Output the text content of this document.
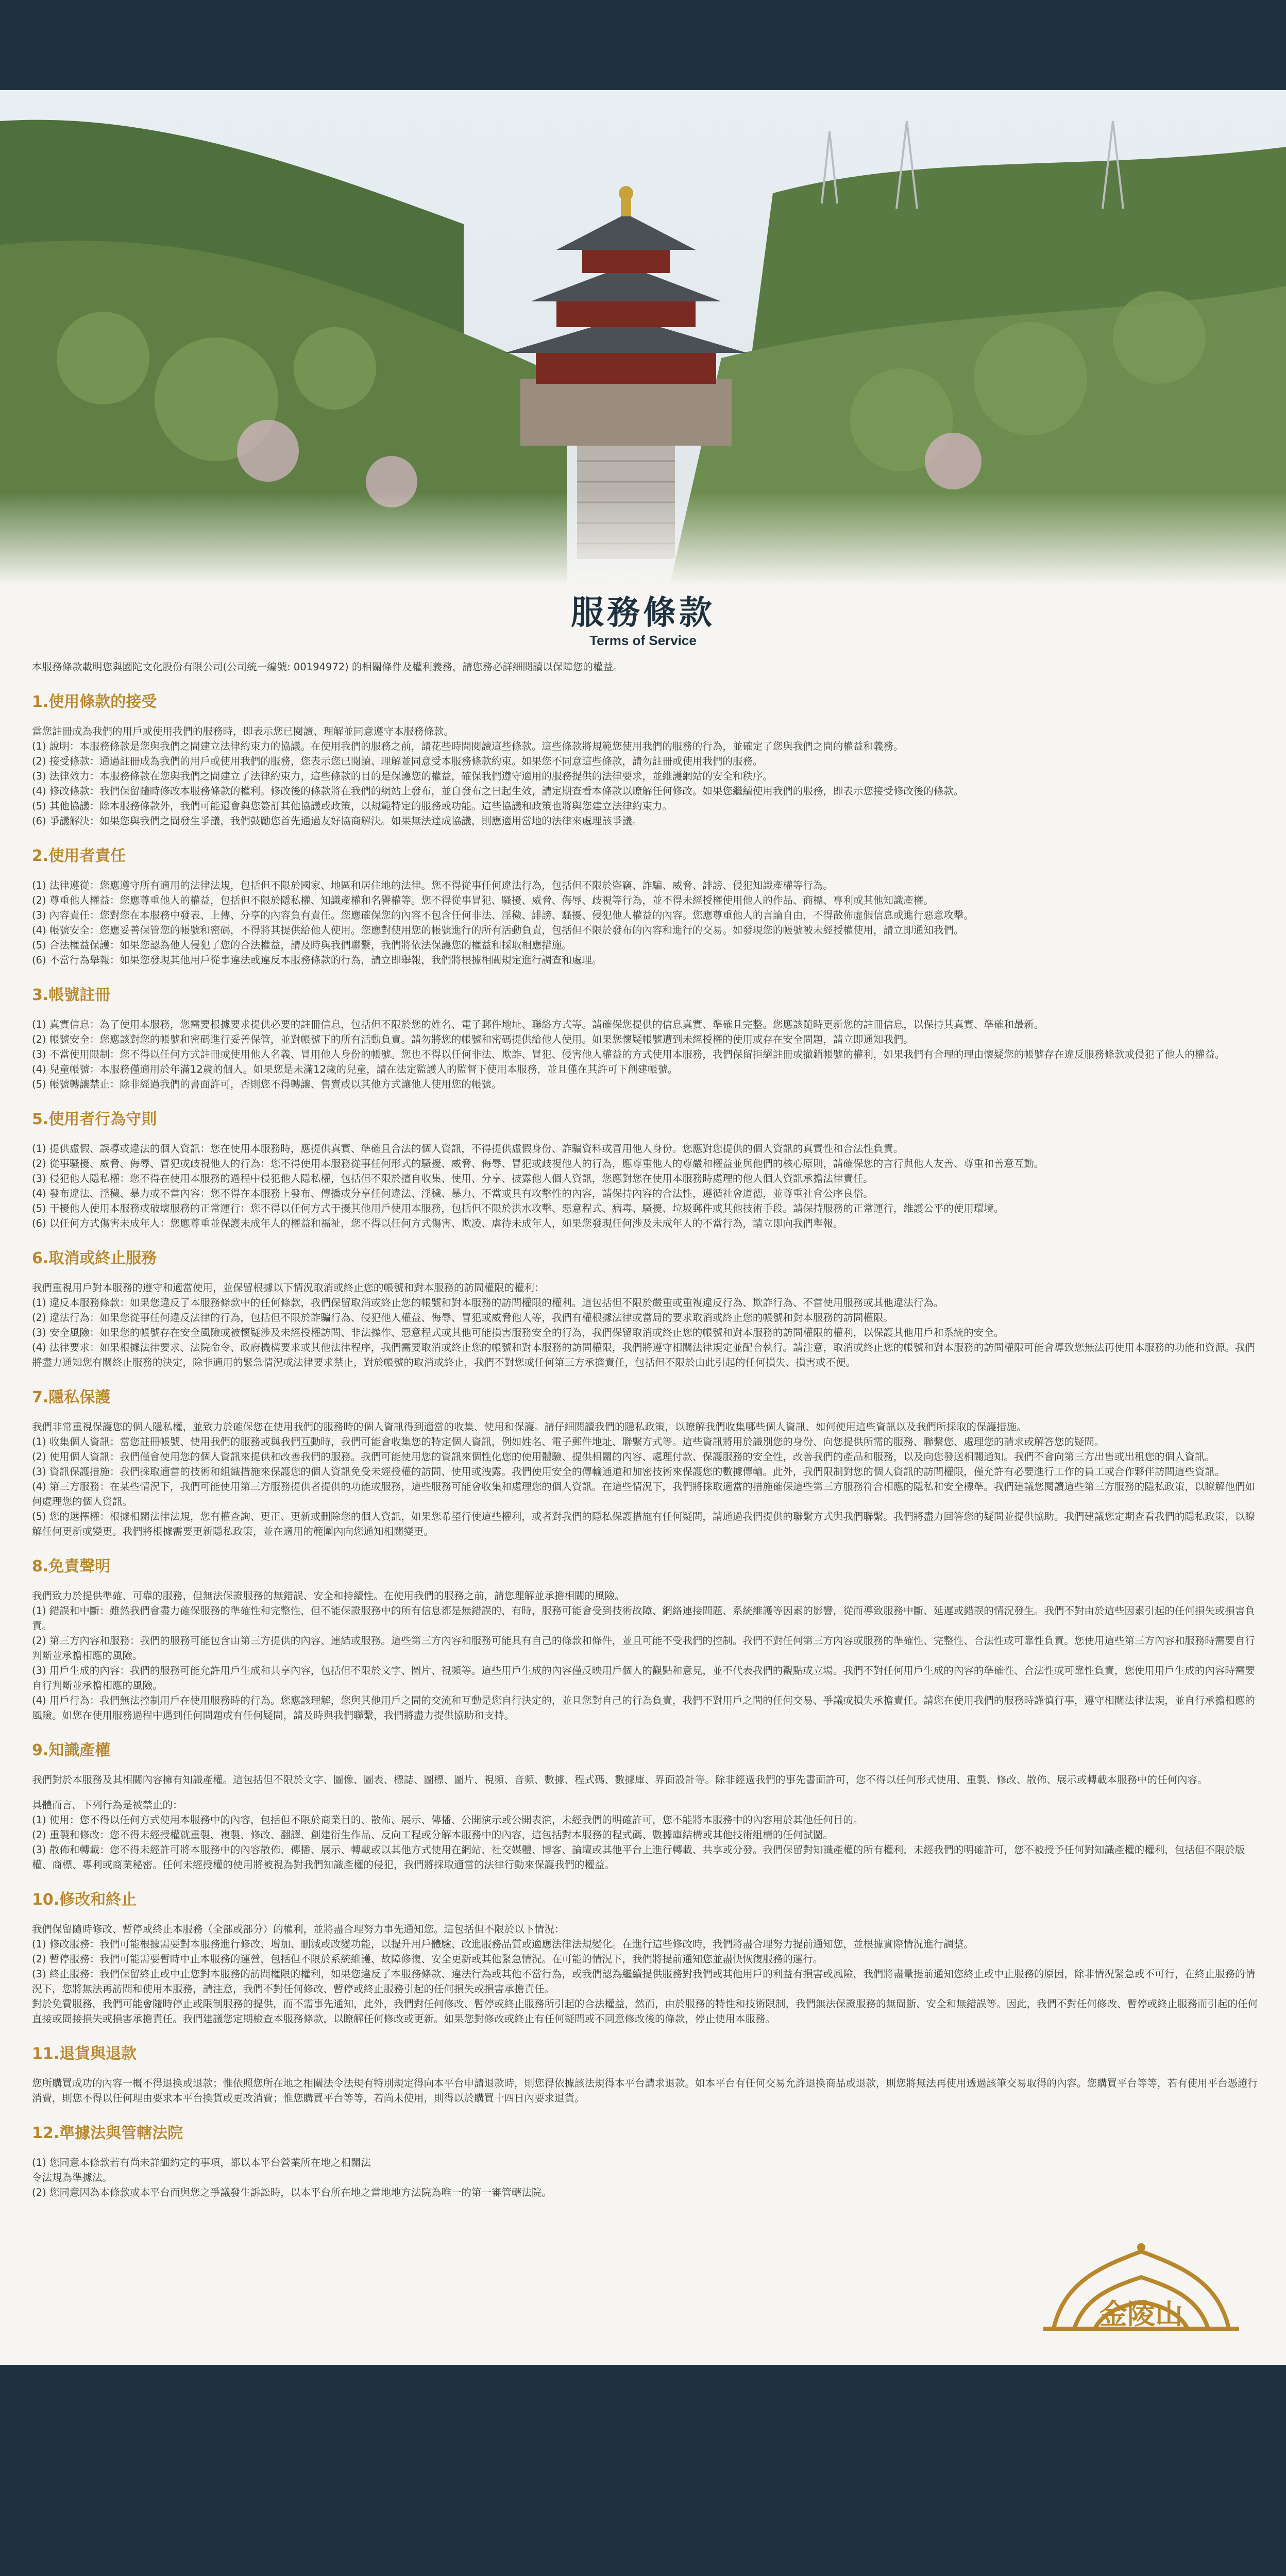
服務條款
Terms of Service

本服務條款載明您與國陀文化股份有限公司(公司統一編號: 00194972) 的相關條件及權利義務，請您務必詳細閱讀以保障您的權益。

1.使用條款的接受

當您註冊成為我們的用戶或使用我們的服務時，即表示您已閱讀、理解並同意遵守本服務條款。

(1) 說明：本服務條款是您與我們之間建立法律約束力的協議。在使用我們的服務之前，請花些時間閱讀這些條款。這些條款將規範您使用我們的服務的行為，並確定了您與我們之間的權益和義務。

(2) 接受條款：通過註冊成為我們的用戶或使用我們的服務，您表示您已閱讀、理解並同意受本服務條款約束。如果您不同意這些條款，請勿註冊或使用我們的服務。

(3) 法律效力：本服務條款在您與我們之間建立了法律約束力，這些條款的目的是保護您的權益，確保我們遵守適用的服務提供的法律要求，並維護網站的安全和秩序。

(4) 修改條款：我們保留隨時修改本服務條款的權利。修改後的條款將在我們的網站上發布，並自發布之日起生效，請定期查看本條款以瞭解任何修改。如果您繼續使用我們的服務，即表示您接受修改後的條款。

(5) 其他協議：除本服務條款外，我們可能還會與您簽訂其他協議或政策，以規範特定的服務或功能。這些協議和政策也將與您建立法律約束力。

(6) 爭議解決：如果您與我們之間發生爭議，我們鼓勵您首先通過友好協商解決。如果無法達成協議，則應適用當地的法律來處理該爭議。

2.使用者責任

(1) 法律遵從：您應遵守所有適用的法律法規，包括但不限於國家、地區和居住地的法律。您不得從事任何違法行為，包括但不限於盜竊、詐騙、威脅、誹謗、侵犯知識產權等行為。

(2) 尊重他人權益：您應尊重他人的權益，包括但不限於隱私權、知識產權和名譽權等。您不得從事冒犯、騷擾、威脅、侮辱、歧視等行為，並不得未經授權使用他人的作品、商標、專利或其他知識產權。

(3) 內容責任：您對您在本服務中發表、上傳、分享的內容負有責任。您應確保您的內容不包含任何非法、淫穢、誹謗、騷擾、侵犯他人權益的內容。您應尊重他人的言論自由，不得散佈虛假信息或進行惡意攻擊。

(4) 帳號安全：您應妥善保管您的帳號和密碼，不得將其提供給他人使用。您應對使用您的帳號進行的所有活動負責，包括但不限於發布的內容和進行的交易。如發現您的帳號被未經授權使用，請立即通知我們。

(5) 合法權益保護：如果您認為他人侵犯了您的合法權益，請及時與我們聯繫，我們將依法保護您的權益和採取相應措施。

(6) 不當行為舉報：如果您發現其他用戶從事違法或違反本服務條款的行為，請立即舉報，我們將根據相關規定進行調查和處理。

3.帳號註冊

(1) 真實信息：為了使用本服務，您需要根據要求提供必要的註冊信息，包括但不限於您的姓名、電子郵件地址、聯絡方式等。請確保您提供的信息真實、準確且完整。您應該隨時更新您的註冊信息，以保持其真實、準確和最新。

(2) 帳號安全：您應該對您的帳號和密碼進行妥善保管，並對帳號下的所有活動負責。請勿將您的帳號和密碼提供給他人使用。如果您懷疑帳號遭到未經授權的使用或存在安全問題，請立即通知我們。

(3) 不當使用限制：您不得以任何方式註冊或使用他人名義、冒用他人身份的帳號。您也不得以任何非法、欺詐、冒犯、侵害他人權益的方式使用本服務，我們保留拒絕註冊或撤銷帳號的權利，如果我們有合理的理由懷疑您的帳號存在違反服務條款或侵犯了他人的權益。

(4) 兒童帳號：本服務僅適用於年滿12歲的個人。如果您是未滿12歲的兒童，請在法定監護人的監督下使用本服務，並且僅在其許可下創建帳號。

(5) 帳號轉讓禁止：除非經過我們的書面許可，否則您不得轉讓、售賣或以其他方式讓他人使用您的帳號。

5.使用者行為守則

(1) 提供虛假、誤導或違法的個人資訊：您在使用本服務時，應提供真實、準確且合法的個人資訊，不得提供虛假身份、詐騙資料或冒用他人身份。您應對您提供的個人資訊的真實性和合法性負責。

(2) 從事騷擾、威脅、侮辱、冒犯或歧視他人的行為：您不得使用本服務從事任何形式的騷擾、威脅、侮辱、冒犯或歧視他人的行為，應尊重他人的尊嚴和權益並與他們的核心原則，請確保您的言行與他人友善、尊重和善意互動。

(3) 侵犯他人隱私權：您不得在使用本服務的過程中侵犯他人隱私權，包括但不限於擅自收集、使用、分享、披露他人個人資訊，您應對您在使用本服務時處理的他人個人資訊承擔法律責任。

(4) 發布違法、淫穢、暴力或不當內容：您不得在本服務上發布、傳播或分享任何違法、淫穢、暴力、不當或具有攻擊性的內容，請保持內容的合法性，遵循社會道德，並尊重社會公序良俗。

(5) 干擾他人使用本服務或破壞服務的正常運行：您不得以任何方式干擾其他用戶使用本服務，包括但不限於洪水攻擊、惡意程式、病毒、騷擾、垃圾郵件或其他技術手段。請保持服務的正常運行，維護公平的使用環境。

(6) 以任何方式傷害未成年人：您應尊重並保護未成年人的權益和福祉，您不得以任何方式傷害、欺凌、虐待未成年人，如果您發現任何涉及未成年人的不當行為，請立即向我們舉報。

6.取消或終止服務

我們重視用戶對本服務的遵守和適當使用，並保留根據以下情況取消或終止您的帳號和對本服務的訪問權限的權利：

(1) 違反本服務條款：如果您違反了本服務條款中的任何條款，我們保留取消或終止您的帳號和對本服務的訪問權限的權利。這包括但不限於嚴重或重複違反行為、欺詐行為、不當使用服務或其他違法行為。

(2) 違法行為：如果您從事任何違反法律的行為，包括但不限於詐騙行為、侵犯他人權益、侮辱、冒犯或威脅他人等，我們有權根據法律或當局的要求取消或終止您的帳號和對本服務的訪問權限。

(3) 安全風險：如果您的帳號存在安全風險或被懷疑涉及未經授權訪問、非法操作、惡意程式或其他可能損害服務安全的行為，我們保留取消或終止您的帳號和對本服務的訪問權限的權利，以保護其他用戶和系統的安全。

(4) 法律要求：如果根據法律要求、法院命令、政府機構要求或其他法律程序，我們需要取消或終止您的帳號和對本服務的訪問權限，我們將遵守相關法律規定並配合執行。請注意，取消或終止您的帳號和對本服務的訪問權限可能會導致您無法再使用本服務的功能和資源。我們將盡力通知您有關終止服務的決定，除非適用的緊急情況或法律要求禁止，對於帳號的取消或終止，我們不對您或任何第三方承擔責任，包括但不限於由此引起的任何損失、損害或不便。

7.隱私保護

我們非常重視保護您的個人隱私權，並致力於確保您在使用我們的服務時的個人資訊得到適當的收集、使用和保護。請仔細閱讀我們的隱私政策，以瞭解我們收集哪些個人資訊、如何使用這些資訊以及我們所採取的保護措施。

(1) 收集個人資訊：當您註冊帳號、使用我們的服務或與我們互動時，我們可能會收集您的特定個人資訊，例如姓名、電子郵件地址、聯繫方式等。這些資訊將用於識別您的身份、向您提供所需的服務、聯繫您、處理您的請求或解答您的疑問。

(2) 使用個人資訊：我們僅會使用您的個人資訊來提供和改善我們的服務。我們可能使用您的資訊來個性化您的使用體驗、提供相關的內容、處理付款、保護服務的安全性，改善我們的產品和服務，以及向您發送相關通知。我們不會向第三方出售或出租您的個人資訊。

(3) 資訊保護措施：我們採取適當的技術和組織措施來保護您的個人資訊免受未經授權的訪問、使用或洩露。我們使用安全的傳輸通道和加密技術來保護您的數據傳輸。此外，我們限制對您的個人資訊的訪問權限，僅允許有必要進行工作的員工或合作夥伴訪問這些資訊。

(4) 第三方服務：在某些情況下，我們可能使用第三方服務提供者提供的功能或服務，這些服務可能會收集和處理您的個人資訊。在這些情況下，我們將採取適當的措施確保這些第三方服務符合相應的隱私和安全標準。我們建議您閱讀這些第三方服務的隱私政策，以瞭解他們如何處理您的個人資訊。

(5) 您的選擇權：根據相關法律法規，您有權查詢、更正、更新或刪除您的個人資訊，如果您希望行使這些權利，或者對我們的隱私保護措施有任何疑問，請通過我們提供的聯繫方式與我們聯繫。我們將盡力回答您的疑問並提供協助。我們建議您定期查看我們的隱私政策，以瞭解任何更新或變更。我們將根據需要更新隱私政策，並在適用的範圍內向您通知相關變更。

8.免責聲明

我們致力於提供準確、可靠的服務，但無法保證服務的無錯誤、安全和持續性。在使用我們的服務之前，請您理解並承擔相關的風險。

(1) 錯誤和中斷：雖然我們會盡力確保服務的準確性和完整性，但不能保證服務中的所有信息都是無錯誤的，有時，服務可能會受到技術故障、網絡連接問題、系統維護等因素的影響，從而導致服務中斷、延遲或錯誤的情況發生。我們不對由於這些因素引起的任何損失或損害負責。

(2) 第三方內容和服務：我們的服務可能包含由第三方提供的內容、連結或服務。這些第三方內容和服務可能具有自己的條款和條件，並且可能不受我們的控制。我們不對任何第三方內容或服務的準確性、完整性、合法性或可靠性負責。您使用這些第三方內容和服務時需要自行判斷並承擔相應的風險。

(3) 用戶生成的內容：我們的服務可能允許用戶生成和共享內容，包括但不限於文字、圖片、視頻等。這些用戶生成的內容僅反映用戶個人的觀點和意見，並不代表我們的觀點或立場。我們不對任何用戶生成的內容的準確性、合法性或可靠性負責，您使用用戶生成的內容時需要自行判斷並承擔相應的風險。

(4) 用戶行為：我們無法控制用戶在使用服務時的行為。您應該理解，您與其他用戶之間的交流和互動是您自行決定的，並且您對自己的行為負責，我們不對用戶之間的任何交易、爭議或損失承擔責任。請您在使用我們的服務時謹慎行事，遵守相關法律法規，並自行承擔相應的風險。如您在使用服務過程中遇到任何問題或有任何疑問，請及時與我們聯繫，我們將盡力提供協助和支持。

9.知識產權

我們對於本服務及其相關內容擁有知識產權。這包括但不限於文字、圖像、圖表、標誌、圖標、圖片、視頻、音頻、數據、程式碼、數據庫、界面設計等。除非經過我們的事先書面許可，您不得以任何形式使用、重製、修改、散佈、展示或轉載本服務中的任何內容。

具體而言，下列行為是被禁止的：

(1) 使用：您不得以任何方式使用本服務中的內容，包括但不限於商業目的、散佈、展示、傳播、公開演示或公開表演，未經我們的明確許可，您不能將本服務中的內容用於其他任何目的。

(2) 重製和修改：您不得未經授權就重製、複製、修改、翻譯、創建衍生作品、反向工程或分解本服務中的內容，這包括對本服務的程式碼、數據庫結構或其他技術組構的任何試圖。

(3) 散佈和轉載：您不得未經許可將本服務中的內容散佈、傳播、展示、轉載或以其他方式使用在網站、社交媒體、博客、論壇或其他平台上進行轉載、共享或分發。我們保留對知識產權的所有權利，未經我們的明確許可，您不被授予任何對知識產權的權利，包括但不限於版權、商標、專利或商業秘密。任何未經授權的使用將被視為對我們知識產權的侵犯，我們將採取適當的法律行動來保護我們的權益。

10.修改和終止

我們保留隨時修改、暫停或終止本服務（全部或部分）的權利，並將盡合理努力事先通知您。這包括但不限於以下情況：

(1) 修改服務：我們可能根據需要對本服務進行修改、增加、刪減或改變功能，以提升用戶體驗、改進服務品質或適應法律法規變化。在進行這些修改時，我們將盡合理努力提前通知您，並根據實際情況進行調整。

(2) 暫停服務：我們可能需要暫時中止本服務的運營，包括但不限於系統維護、故障修復、安全更新或其他緊急情況。在可能的情況下，我們將提前通知您並盡快恢復服務的運行。

(3) 終止服務：我們保留終止或中止您對本服務的訪問權限的權利，如果您違反了本服務條款、違法行為或其他不當行為，或我們認為繼續提供服務對我們或其他用戶的利益有損害或風險，我們將盡量提前通知您終止或中止服務的原因，除非情況緊急或不可行，在終止服務的情況下，您將無法再訪問和使用本服務，請注意，我們不對任何修改、暫停或終止服務引起的任何損失或損害承擔責任。

對於免費服務，我們可能會隨時停止或限制服務的提供，而不需事先通知，此外，我們對任何修改、暫停或終止服務所引起的合法權益，然而，由於服務的特性和技術限制，我們無法保證服務的無間斷、安全和無錯誤等。因此，我們不對任何修改、暫停或終止服務而引起的任何直接或間接損失或損害承擔責任。我們建議您定期檢查本服務條款，以瞭解任何修改或更新。如果您對修改或終止有任何疑問或不同意修改後的條款，停止使用本服務。

11.退貨與退款

您所購買成功的內容一概不得退換或退款；惟依照您所在地之相關法令法規有特別規定得向本平台申請退款時，則您得依據該法規得本平台請求退款。如本平台有任何交易允許退換商品或退款，則您將無法再使用透過該筆交易取得的內容。您購買平台等等，若有使用平台憑證行消費，則您不得以任何理由要求本平台換貨或更改消費；惟您購買平台等等，若尚未使用，則得以於購買十四日內要求退貨。

12.準據法與管轄法院

(1) 您同意本條款若有尚未詳細約定的事項，都以本平台營業所在地之相關法

令法規為準據法。

(2) 您同意因為本條款或本平台而與您之爭議發生訴訟時，以本平台所在地之當地地方法院為唯一的第一審管轄法院。

金陵山
